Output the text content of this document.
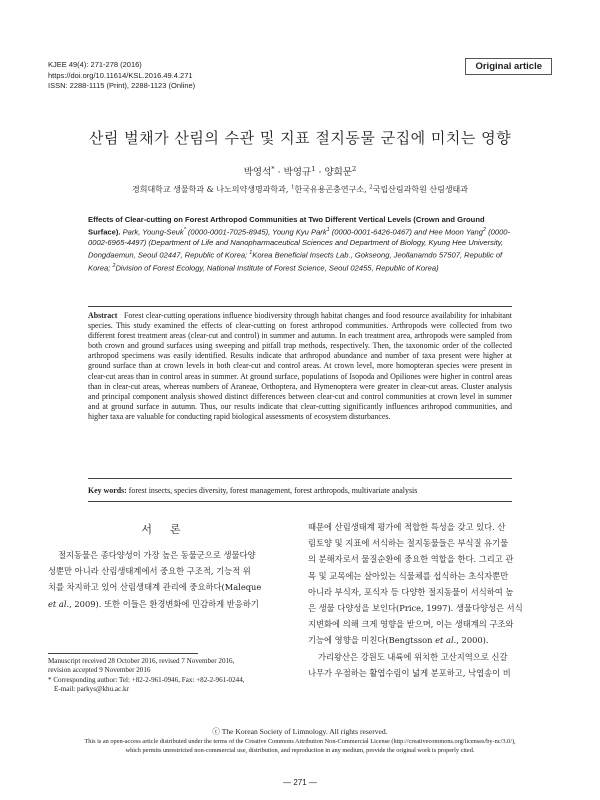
KJEE 49(4): 271-278 (2016)
https://doi.org/10.11614/KSL.2016.49.4.271
ISSN: 2288-1115 (Print), 2288-1123 (Online)
Original article
산림 벌채가 산림의 수관 및 지표 절지동물 군집에 미치는 영향
박영석* · 박영규$^1$ · 양희문$^2$
경희대학교 생물학과 & 나노의약생명과학과, $^1$한국유용곤충연구소, $^2$국립산림과학원 산림생태과
Effects of Clear-cutting on Forest Arthropod Communities at Two Different Vertical Levels (Crown and Ground Surface). Park, Young-Seuk* (0000-0001-7025-8945), Young Kyu Park$^1$ (0000-0001-6426-0467) and Hee Moon Yang$^2$ (0000-0002-6965-4497) (Department of Life and Nanopharmaceutical Sciences and Department of Biology, Kyung Hee University, Dongdaemun, Seoul 02447, Republic of Korea; $^1$Korea Beneficial Insects Lab., Gokseong, Jeollanamdo 57507, Republic of Korea; $^2$Division of Forest Ecology, National Institute of Forest Science, Seoul 02455, Republic of Korea)
Abstract Forest clear-cutting operations influence biodiversity through habitat changes and food resource availability for inhabitant species. This study examined the effects of clear-cutting on forest arthropod communities. Arthropods were collected from two different forest treatment areas (clear-cut and control) in summer and autumn. In each treatment area, arthropods were sampled from both crown and ground surfaces using sweeping and pitfall trap methods, respectively. Then, the taxonomic order of the collected arthropod specimens was easily identified. Results indicate that arthropod abundance and number of taxa present were higher at ground surface than at crown levels in both clear-cut and control areas. At crown level, more homopteran species were present in clear-cut areas than in control areas in summer. At ground surface, populations of Isopoda and Opiliones were higher in control areas than in clear-cut areas, whereas numbers of Araneae, Orthoptera, and Hymenoptera were greater in clear-cut areas. Cluster analysis and principal component analysis showed distinct differences between clear-cut and control communities at crown level in summer and at ground surface in autumn. Thus, our results indicate that clear-cutting significantly influences arthropod communities, and higher taxa are valuable for conducting rapid biological assessments of ecosystem disturbances.
Key words: forest insects, species diversity, forest management, forest arthropods, multivariate analysis
서론
절지동물은 종다양성이 가장 높은 동물군으로 생물다양
성뿐만 아니라 산림생태계에서 중요한 구조적, 기능적 위
치를 차지하고 있어 산림생태계 관리에 중요하다(Maleque
et al., 2009). 또한 이들은 환경변화에 민감하게 반응하기
Manuscript received 28 October 2016, revised 7 November 2016,
revision accepted 9 November 2016
* Corresponding author: Tel: +82-2-961-0946, Fax: +82-2-961-0244,
E-mail: parkys@khu.ac.kr
때문에 산림생태계 평가에 적합한 특성을 갖고 있다. 산
림토양 및 지표에 서식하는 절지동물들은 부식질 유기물
의 분해자로서 물질순환에 중요한 역할을 한다. 그리고 관
목 및 교목에는 살아있는 식물체를 섭식하는 초식자뿐만
아니라 부식자, 포식자 등 다양한 절지동물이 서식하여 높
은 생물 다양성을 보인다(Price, 1997). 생물다양성은 서식
지변화에 의해 크게 영향을 받으며, 이는 생태계의 구조와
기능에 영향을 미친다(Bengtsson et al., 2000).
가리왕산은 강원도 내륙에 위치한 고산지역으로 신갈
나무가 우점하는 활엽수림이 넓게 분포하고, 낙엽송이 비
ⓒ The Korean Society of Limnology. All rights reserved.
This is an open-access article distributed under the terms of the Creative Commons Attribution Non-Commercial License (http://creativecommons.org/licenses/by-nc/3.0/),
which permits unrestricted non-commercial use, distribution, and reproduction in any medium, provide the original work is properly cited.
— 271 —
